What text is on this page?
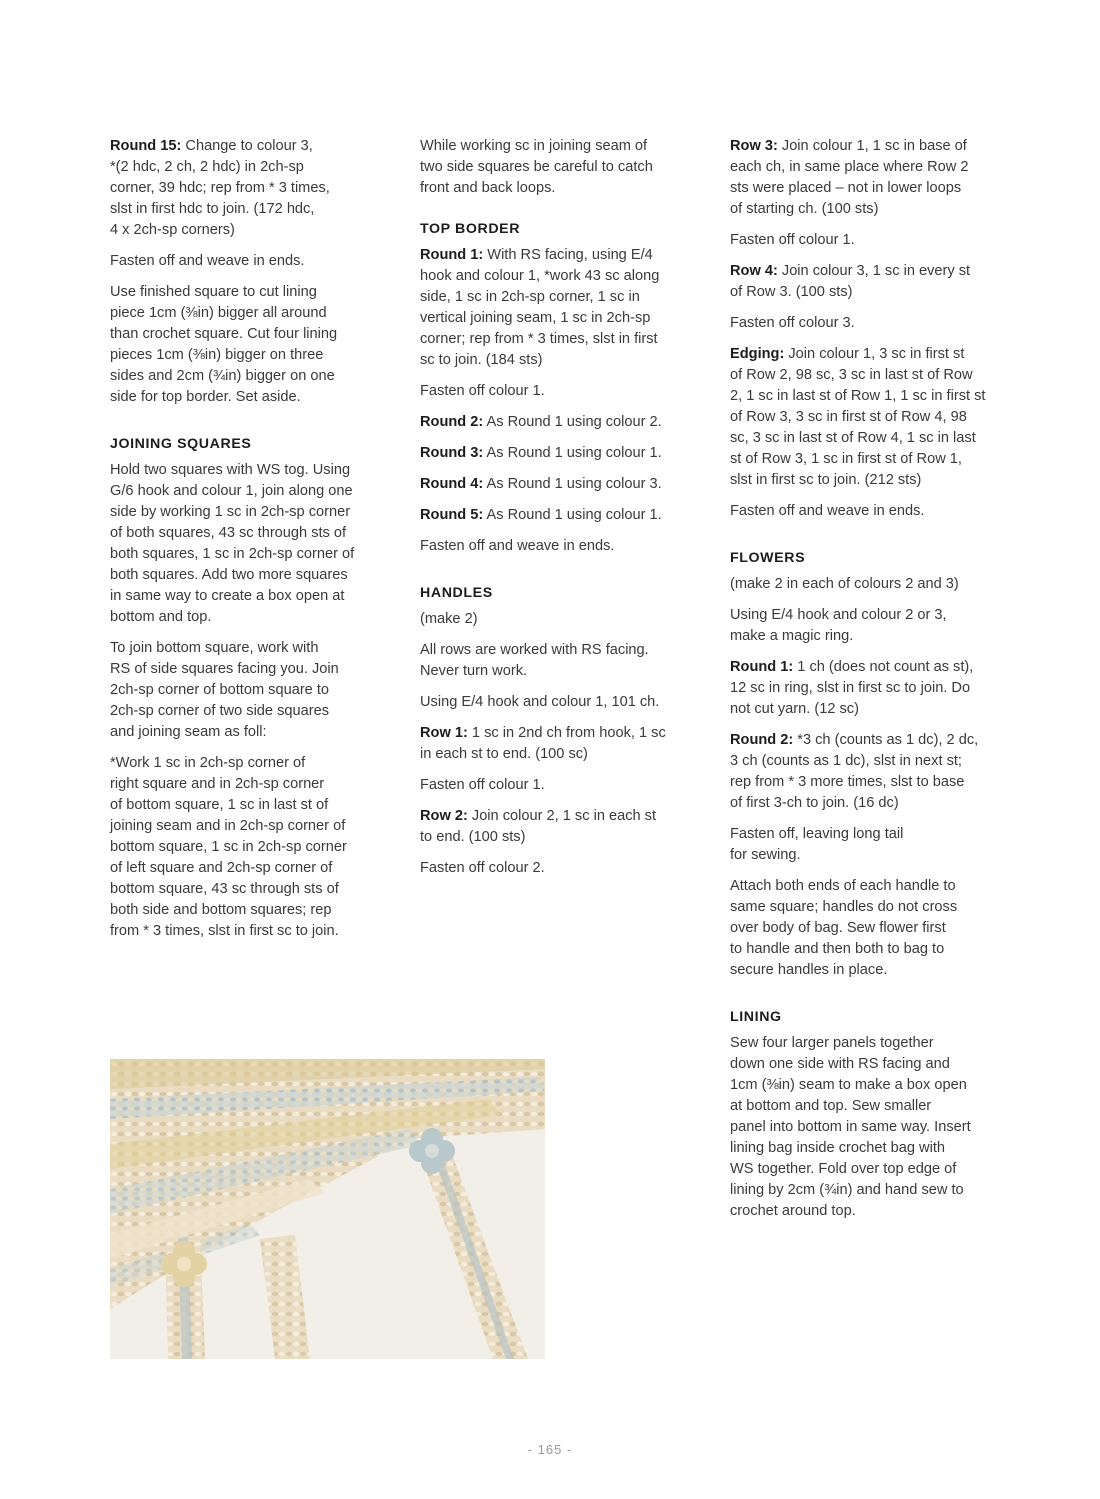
Round 15: Change to colour 3,
*(2 hdc, 2 ch, 2 hdc) in 2ch-sp
corner, 39 hdc; rep from * 3 times,
slst in first hdc to join. (172 hdc,
4 x 2ch-sp corners)

Fasten off and weave in ends.

Use finished square to cut lining
piece 1cm (⅜in) bigger all around
than crochet square. Cut four lining
pieces 1cm (⅜in) bigger on three
sides and 2cm (¾in) bigger on one
side for top border. Set aside.

JOINING SQUARES

Hold two squares with WS tog. Using
G/6 hook and colour 1, join along one
side by working 1 sc in 2ch-sp corner
of both squares, 43 sc through sts of
both squares, 1 sc in 2ch-sp corner of
both squares. Add two more squares
in same way to create a box open at
bottom and top.

To join bottom square, work with
RS of side squares facing you. Join
2ch-sp corner of bottom square to
2ch-sp corner of two side squares
and joining seam as foll:

*Work 1 sc in 2ch-sp corner of
right square and in 2ch-sp corner
of bottom square, 1 sc in last st of
joining seam and in 2ch-sp corner of
bottom square, 1 sc in 2ch-sp corner
of left square and 2ch-sp corner of
bottom square, 43 sc through sts of
both side and bottom squares; rep
from * 3 times, slst in first sc to join.

While working sc in joining seam of
two side squares be careful to catch
front and back loops.

TOP BORDER

Round 1: With RS facing, using E/4
hook and colour 1, *work 43 sc along
side, 1 sc in 2ch-sp corner, 1 sc in
vertical joining seam, 1 sc in 2ch-sp
corner; rep from * 3 times, slst in first
sc to join. (184 sts)

Fasten off colour 1.

Round 2: As Round 1 using colour 2.

Round 3: As Round 1 using colour 1.

Round 4: As Round 1 using colour 3.

Round 5: As Round 1 using colour 1.

Fasten off and weave in ends.

HANDLES

(make 2)

All rows are worked with RS facing.
Never turn work.

Using E/4 hook and colour 1, 101 ch.

Row 1: 1 sc in 2nd ch from hook, 1 sc
in each st to end. (100 sc)

Fasten off colour 1.

Row 2: Join colour 2, 1 sc in each st
to end. (100 sts)

Fasten off colour 2.

Row 3: Join colour 1, 1 sc in base of
each ch, in same place where Row 2
sts were placed – not in lower loops
of starting ch. (100 sts)

Fasten off colour 1.

Row 4: Join colour 3, 1 sc in every st
of Row 3. (100 sts)

Fasten off colour 3.

Edging: Join colour 1, 3 sc in first st
of Row 2, 98 sc, 3 sc in last st of Row
2, 1 sc in last st of Row 1, 1 sc in first st
of Row 3, 3 sc in first st of Row 4, 98
sc, 3 sc in last st of Row 4, 1 sc in last
st of Row 3, 1 sc in first st of Row 1,
slst in first sc to join. (212 sts)

Fasten off and weave in ends.

FLOWERS

(make 2 in each of colours 2 and 3)

Using E/4 hook and colour 2 or 3,
make a magic ring.

Round 1: 1 ch (does not count as st),
12 sc in ring, slst in first sc to join. Do
not cut yarn. (12 sc)

Round 2: *3 ch (counts as 1 dc), 2 dc,
3 ch (counts as 1 dc), slst in next st;
rep from * 3 more times, slst to base
of first 3-ch to join. (16 dc)

Fasten off, leaving long tail
for sewing.

Attach both ends of each handle to
same square; handles do not cross
over body of bag. Sew flower first
to handle and then both to bag to
secure handles in place.

LINING

Sew four larger panels together
down one side with RS facing and
1cm (⅜in) seam to make a box open
at bottom and top. Sew smaller
panel into bottom in same way. Insert
lining bag inside crochet bag with
WS together. Fold over top edge of
lining by 2cm (¾in) and hand sew to
crochet around top.

- 165 -
